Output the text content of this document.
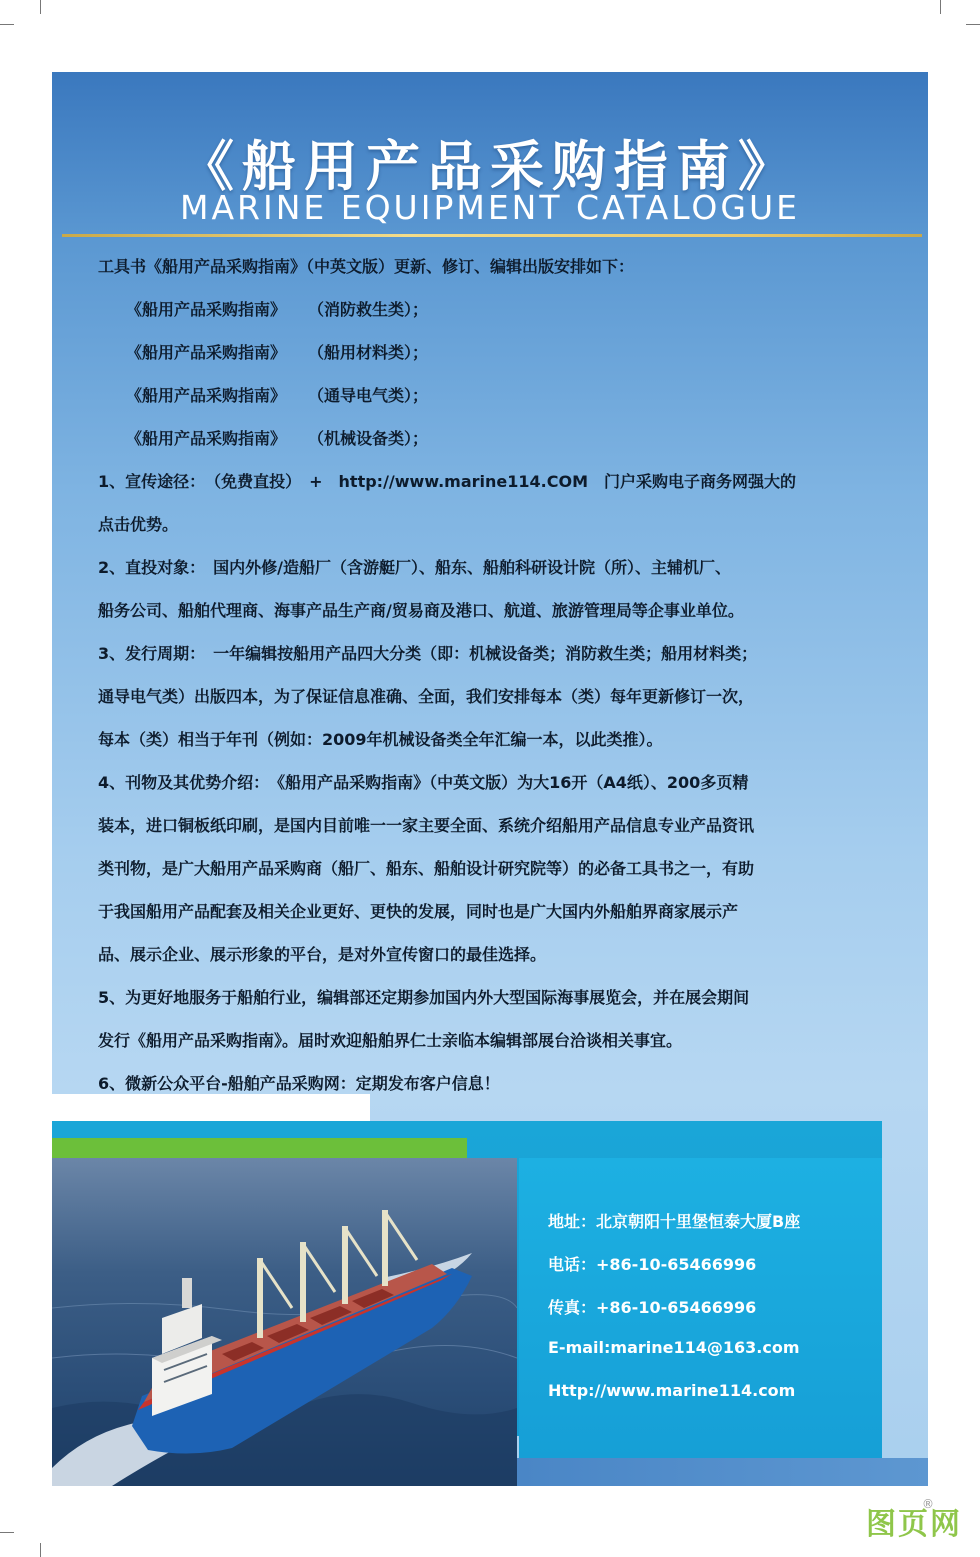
《船用产品采购指南》
MARINE EQUIPMENT CATALOGUE

工具书《船用产品采购指南》（中英文版）更新、修订、编辑出版安排如下：

《船用产品采购指南》 （消防救生类）；

《船用产品采购指南》 （船用材料类）；

《船用产品采购指南》 （通导电气类）；

《船用产品采购指南》 （机械设备类）；

1、宣传途径：　（免费直投）　+　http://www.marine114.COM　门户采购电子商务网强大的

点击优势。

2、直投对象：　国内外修/造船厂（含游艇厂）、船东、船舶科研设计院（所）、主辅机厂、

船务公司、船舶代理商、海事产品生产商/贸易商及港口、航道、旅游管理局等企事业单位。

3、发行周期：　一年编辑按船用产品四大分类（即：机械设备类；消防救生类；船用材料类；

通导电气类）出版四本，为了保证信息准确、全面，我们安排每本（类）每年更新修订一次，

每本（类）相当于年刊（例如：2009年机械设备类全年汇编一本，以此类推）。

4、刊物及其优势介绍：　《船用产品采购指南》（中英文版）为大16开（A4纸）、200多页精

装本，进口铜板纸印刷，是国内目前唯一一家主要全面、系统介绍船用产品信息专业产品资讯

类刊物，是广大船用产品采购商（船厂、船东、船舶设计研究院等）的必备工具书之一，有助

于我国船用产品配套及相关企业更好、更快的发展，同时也是广大国内外船舶界商家展示产

品、展示企业、展示形象的平台，是对外宣传窗口的最佳选择。

5、为更好地服务于船舶行业，编辑部还定期参加国内外大型国际海事展览会，并在展会期间

发行《船用产品采购指南》。届时欢迎船舶界仁士亲临本编辑部展台洽谈相关事宜。

6、微新公众平台-船舶产品采购网：定期发布客户信息！

地址：北京朝阳十里堡恒泰大厦B座
电话：+86-10-65466996
传真：+86-10-65466996
E-mail:marine114@163.com
Http://www.marine114.com
®
图页网
